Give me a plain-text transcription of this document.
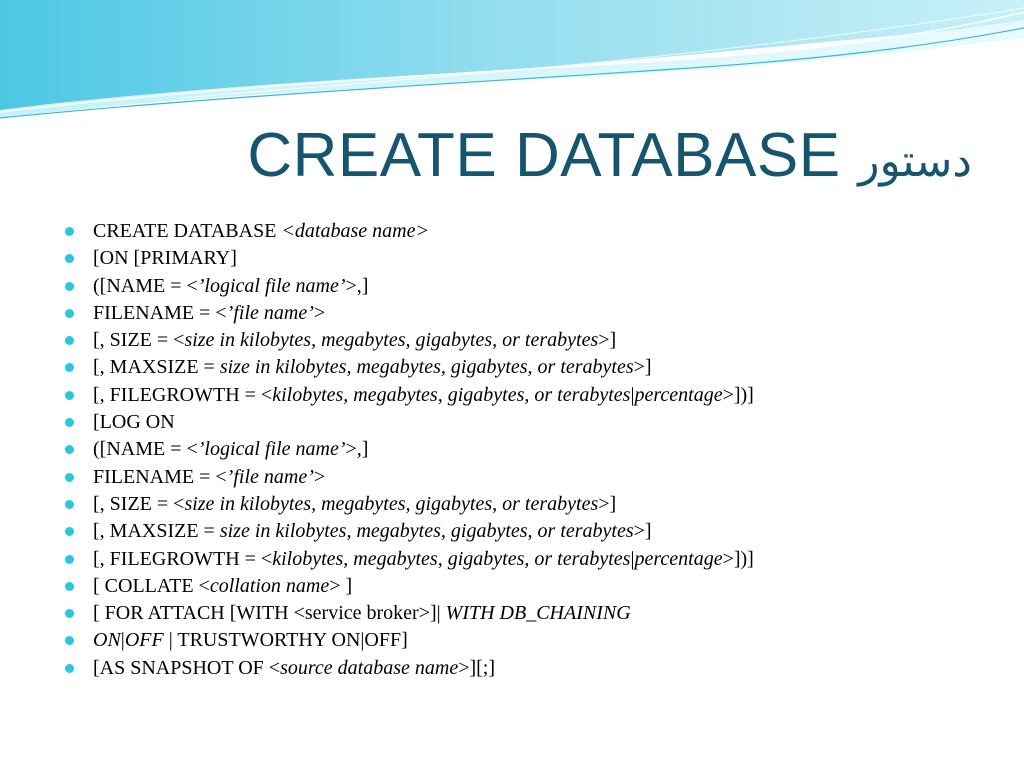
CREATE DATABASE دستور
CREATE DATABASE <database name>
[ON [PRIMARY]
([NAME = <’logical file name’>,]
FILENAME = <’file name’>
[, SIZE = <size in kilobytes, megabytes, gigabytes, or terabytes>]
[, MAXSIZE = size in kilobytes, megabytes, gigabytes, or terabytes>]
[, FILEGROWTH = <kilobytes, megabytes, gigabytes, or terabytes|percentage>])]
[LOG ON
([NAME = <’logical file name’>,]
FILENAME = <’file name’>
[, SIZE = <size in kilobytes, megabytes, gigabytes, or terabytes>]
[, MAXSIZE = size in kilobytes, megabytes, gigabytes, or terabytes>]
[, FILEGROWTH = <kilobytes, megabytes, gigabytes, or terabytes|percentage>])]
[ COLLATE <collation name> ]
[ FOR ATTACH [WITH <service broker>]| WITH DB_CHAINING
ON|OFF | TRUSTWORTHY ON|OFF]
[AS SNAPSHOT OF <source database name>][;]
